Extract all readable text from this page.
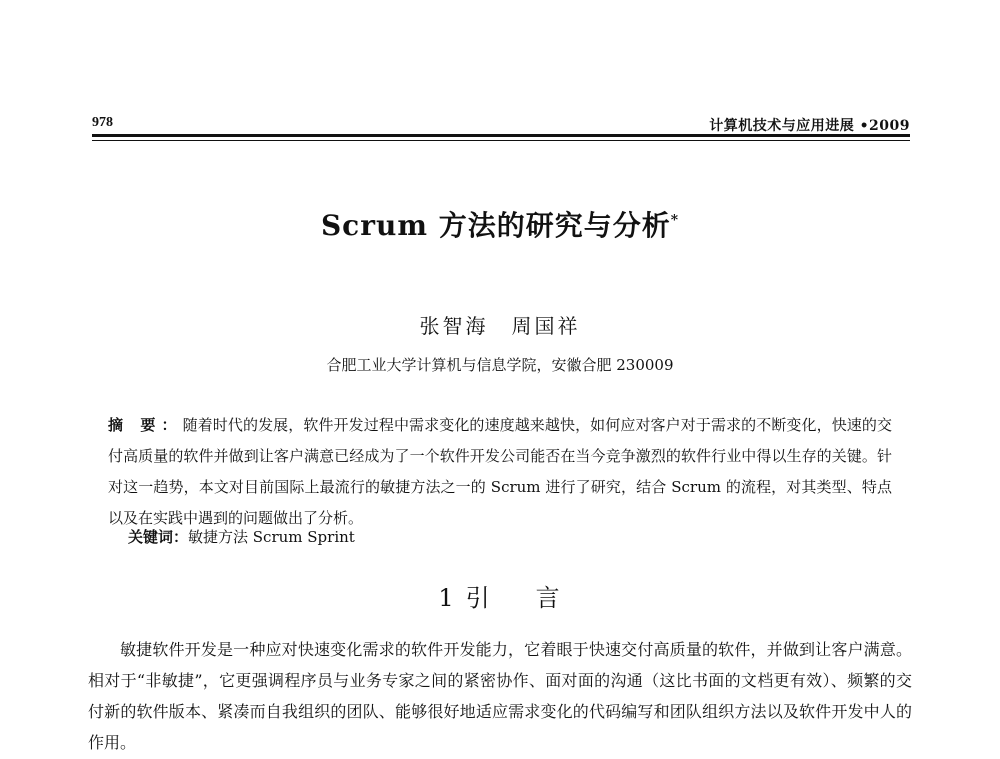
978	计算机技术与应用进展 •2009
Scrum 方法的研究与分析*
张智海　周国祥
合肥工业大学计算机与信息学院，安徽合肥 230009
摘 要：随着时代的发展，软件开发过程中需求变化的速度越来越快，如何应对客户对于需求的不断变化，快速的交付高质量的软件并做到让客户满意已经成为了一个软件开发公司能否在当今竞争激烈的软件行业中得以生存的关键。针对这一趋势，本文对目前国际上最流行的敏捷方法之一的 Scrum 进行了研究，结合 Scrum 的流程，对其类型、特点以及在实践中遇到的问题做出了分析。
关键词：敏捷方法 Scrum Sprint
1 引 言
敏捷软件开发是一种应对快速变化需求的软件开发能力，它着眼于快速交付高质量的软件，并做到让客户满意。相对于“非敏捷”，它更强调程序员与业务专家之间的紧密协作、面对面的沟通（这比书面的文档更有效）、频繁的交付新的软件版本、紧凑而自我组织的团队、能够很好地适应需求变化的代码编写和团队组织方法以及软件开发中人的作用。
